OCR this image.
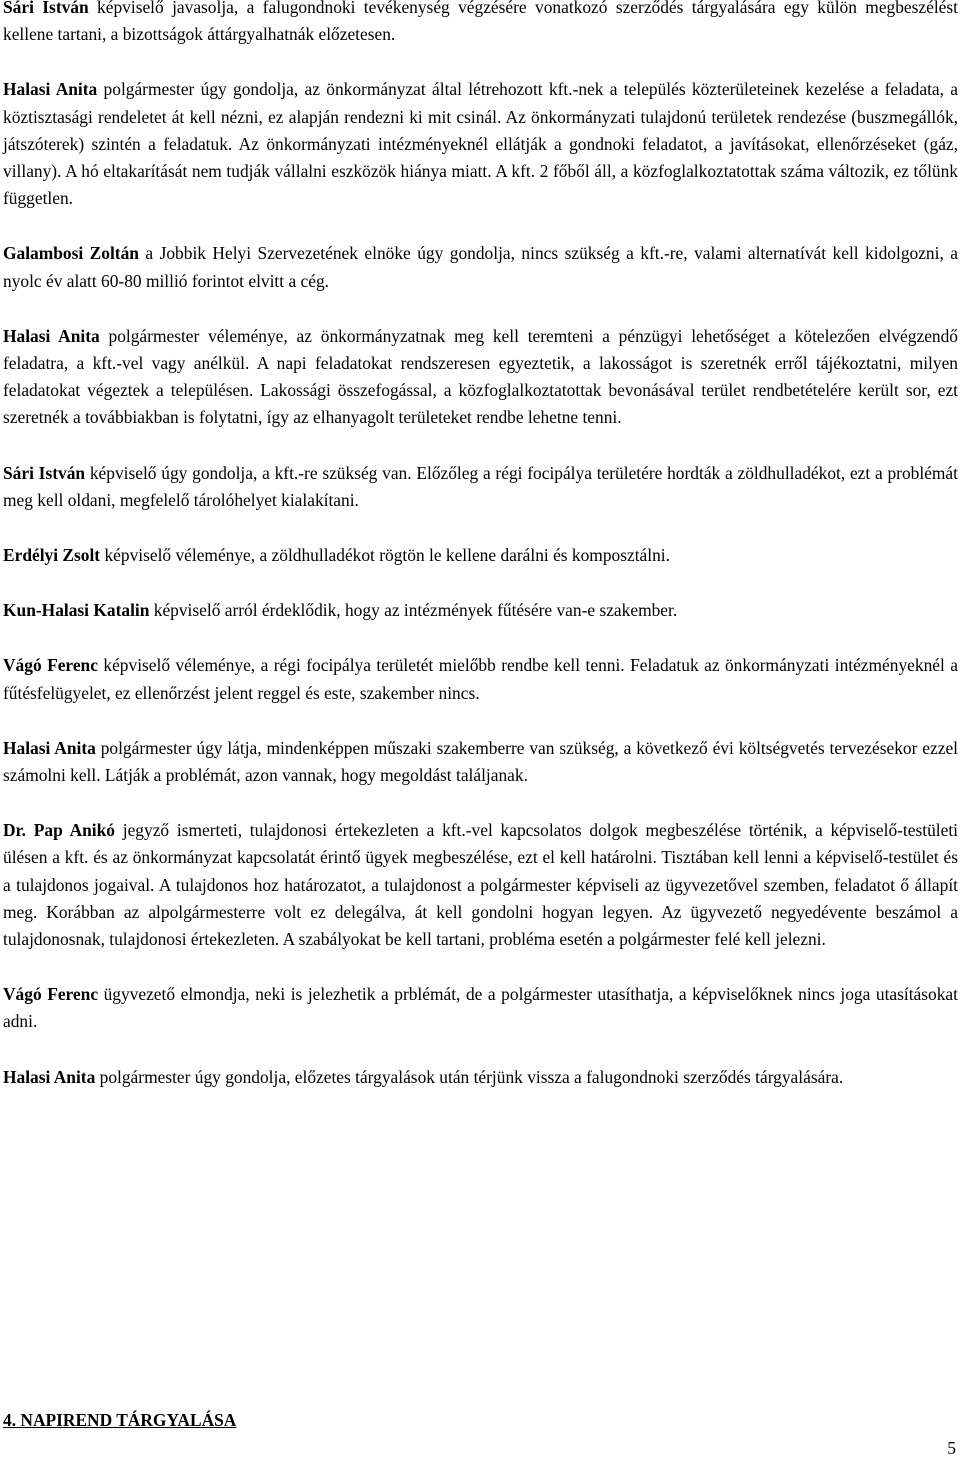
Sári István képviselő javasolja, a falugondnoki tevékenység végzésére vonatkozó szerződés tárgyalására egy külön megbeszélést kellene tartani, a bizottságok áttárgyalhatnák előzetesen.

Halasi Anita polgármester úgy gondolja, az önkormányzat által létrehozott kft.-nek a település közterületeinek kezelése a feladata, a köztisztasági rendeletet át kell nézni, ez alapján rendezni ki mit csinál. Az önkormányzati tulajdonú területek rendezése (buszmegállók, játszóterek) szintén a feladatuk. Az önkormányzati intézményeknél ellátják a gondnoki feladatot, a javításokat, ellenőrzéseket (gáz, villany). A hó eltakarítását nem tudják vállalni eszközök hiánya miatt. A kft. 2 főből áll, a közfoglalkoztatottak száma változik, ez tőlünk független.

Galambosi Zoltán a Jobbik Helyi Szervezetének elnöke úgy gondolja, nincs szükség a kft.-re, valami alternatívát kell kidolgozni, a nyolc év alatt 60-80 millió forintot elvitt a cég.

Halasi Anita polgármester véleménye, az önkormányzatnak meg kell teremteni a pénzügyi lehetőséget a kötelezően elvégzendő feladatra, a kft.-vel vagy anélkül. A napi feladatokat rendszeresen egyeztetik, a lakosságot is szeretnék erről tájékoztatni, milyen feladatokat végeztek a településen. Lakossági összefogással, a közfoglalkoztatottak bevonásával terület rendbetételére került sor, ezt szeretnék a továbbiakban is folytatni, így az elhanyagolt területeket rendbe lehetne tenni.

Sári István képviselő úgy gondolja, a kft.-re szükség van. Előzőleg a régi focipálya területére hordták a zöldhulladékot, ezt a problémát meg kell oldani, megfelelő tárolóhelyet kialakítani.

Erdélyi Zsolt képviselő véleménye, a zöldhulladékot rögtön le kellene darálni és komposztálni.

Kun-Halasi Katalin képviselő arról érdeklődik, hogy az intézmények fűtésére van-e szakember.

Vágó Ferenc képviselő véleménye, a régi focipálya területét mielőbb rendbe kell tenni. Feladatuk az önkormányzati intézményeknél a fűtésfelügyelet, ez ellenőrzést jelent reggel és este, szakember nincs.

Halasi Anita polgármester úgy látja, mindenképpen műszaki szakemberre van szükség, a következő évi költségvetés tervezésekor ezzel számolni kell. Látják a problémát, azon vannak, hogy megoldást találjanak.

Dr. Pap Anikó jegyző ismerteti, tulajdonosi értekezleten a kft.-vel kapcsolatos dolgok megbeszélése történik, a képviselő-testületi ülésen a kft. és az önkormányzat kapcsolatát érintő ügyek megbeszélése, ezt el kell határolni. Tisztában kell lenni a képviselő-testület és a tulajdonos jogaival. A tulajdonos hoz határozatot, a tulajdonost a polgármester képviseli az ügyvezetővel szemben, feladatot ő állapít meg. Korábban az alpolgármesterre volt ez delegálva, át kell gondolni hogyan legyen. Az ügyvezető negyedévente beszámol a tulajdonosnak, tulajdonosi értekezleten. A szabályokat be kell tartani, probléma esetén a polgármester felé kell jelezni.

Vágó Ferenc ügyvezető elmondja, neki is jelezhetik a prblémát, de a polgármester utasíthatja, a képviselőknek nincs joga utasításokat adni.

Halasi Anita polgármester úgy gondolja, előzetes tárgyalások után térjünk vissza a falugondnoki szerződés tárgyalására.

4. NAPIREND TÁRGYALÁSA

5
